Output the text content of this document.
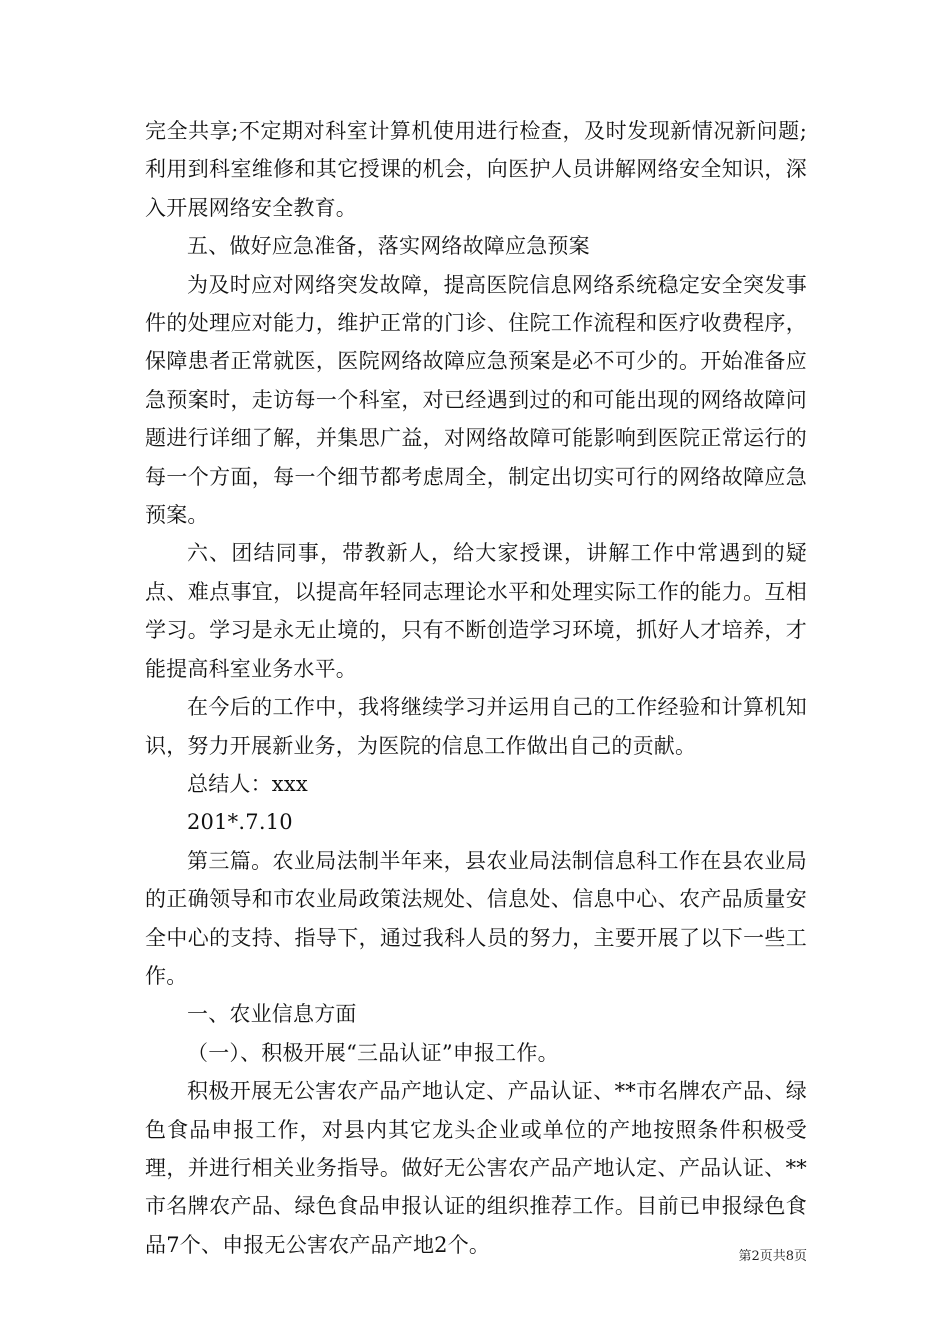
完全共享;不定期对科室计算机使用进行检查，及时发现新情况新问题;利用到科室维修和其它授课的机会，向医护人员讲解网络安全知识，深入开展网络安全教育。

五、做好应急准备，落实网络故障应急预案

为及时应对网络突发故障，提高医院信息网络系统稳定安全突发事件的处理应对能力，维护正常的门诊、住院工作流程和医疗收费程序，保障患者正常就医，医院网络故障应急预案是必不可少的。开始准备应急预案时，走访每一个科室，对已经遇到过的和可能出现的网络故障问题进行详细了解，并集思广益，对网络故障可能影响到医院正常运行的每一个方面，每一个细节都考虑周全，制定出切实可行的网络故障应急预案。

六、团结同事，带教新人，给大家授课，讲解工作中常遇到的疑点、难点事宜，以提高年轻同志理论水平和处理实际工作的能力。互相学习。学习是永无止境的，只有不断创造学习环境，抓好人才培养，才能提高科室业务水平。

在今后的工作中，我将继续学习并运用自己的工作经验和计算机知识，努力开展新业务，为医院的信息工作做出自己的贡献。

总结人：xxx

201*.7.10

第三篇。农业局法制半年来，县农业局法制信息科工作在县农业局的正确领导和市农业局政策法规处、信息处、信息中心、农产品质量安全中心的支持、指导下，通过我科人员的努力，主要开展了以下一些工作。

一、农业信息方面

（一）、积极开展“三品认证”申报工作。

积极开展无公害农产品产地认定、产品认证、**市名牌农产品、绿色食品申报工作，对县内其它龙头企业或单位的产地按照条件积极受理，并进行相关业务指导。做好无公害农产品产地认定、产品认证、**市名牌农产品、绿色食品申报认证的组织推荐工作。目前已申报绿色食品7个、申报无公害农产品产地2个。	第2页共8页
